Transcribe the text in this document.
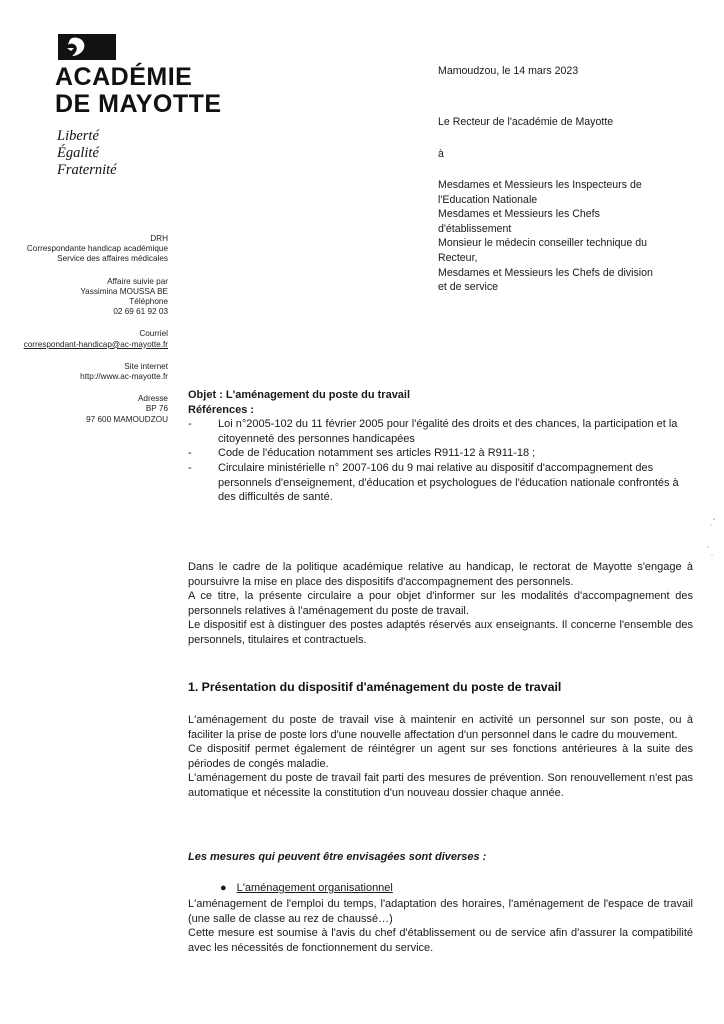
ACADÉMIE
DE MAYOTTE
Liberté
Égalité
Fraternité
DRH
Correspondante handicap académique
Service des affaires médicales
Affaire suivie par
Yassimina MOUSSA BE
Téléphone
02 69 61 92 03
Courriel
correspondant-handicap@ac-mayotte.fr
Site internet
http://www.ac-mayotte.fr
Adresse
BP 76
97 600 MAMOUDZOU
Mamoudzou, le 14 mars 2023
Le Recteur de l'académie de Mayotte
à
Mesdames et Messieurs les Inspecteurs de
l'Education Nationale
Mesdames et Messieurs les Chefs
d'établissement
Monsieur le médecin conseiller technique du
Recteur,
Mesdames et Messieurs les Chefs de division
et de service

Objet : L'aménagement du poste du travail

Références :

- Loi n°2005-102 du 11 février 2005 pour l'égalité des droits et des chances, la participation et la citoyenneté des personnes handicapées
- Code de l'éducation notamment ses articles R911-12 à R911-18 ;
- Circulaire ministérielle n° 2007-106 du 9 mai relative au dispositif d'accompagnement des personnels d'enseignement, d'éducation et psychologues de l'éducation nationale confrontés à des difficultés de santé.

Dans le cadre de la politique académique relative au handicap, le rectorat de Mayotte s'engage à poursuivre la mise en place des dispositifs d'accompagnement des personnels.

A ce titre, la présente circulaire a pour objet d'informer sur les modalités d'accompagnement des personnels relatives à l'aménagement du poste de travail.

Le dispositif est à distinguer des postes adaptés réservés aux enseignants. Il concerne l'ensemble des personnels, titulaires et contractuels.

1. Présentation du dispositif d'aménagement du poste de travail

L'aménagement du poste de travail vise à maintenir en activité un personnel sur son poste, ou à faciliter la prise de poste lors d'une nouvelle affectation d'un personnel dans le cadre du mouvement.

Ce dispositif permet également de réintégrer un agent sur ses fonctions antérieures à la suite des périodes de congés maladie.

L'aménagement du poste de travail fait parti des mesures de prévention. Son renouvellement n'est pas automatique et nécessite la constitution d'un nouveau dossier chaque année.

Les mesures qui peuvent être envisagées sont diverses :

● L'aménagement organisationnel

L'aménagement de l'emploi du temps, l'adaptation des horaires, l'aménagement de l'espace de travail (une salle de classe au rez de chaussé…)

Cette mesure est soumise à l'avis du chef d'établissement ou de service afin d'assurer la compatibilité avec les nécessités de fonctionnement du service.
